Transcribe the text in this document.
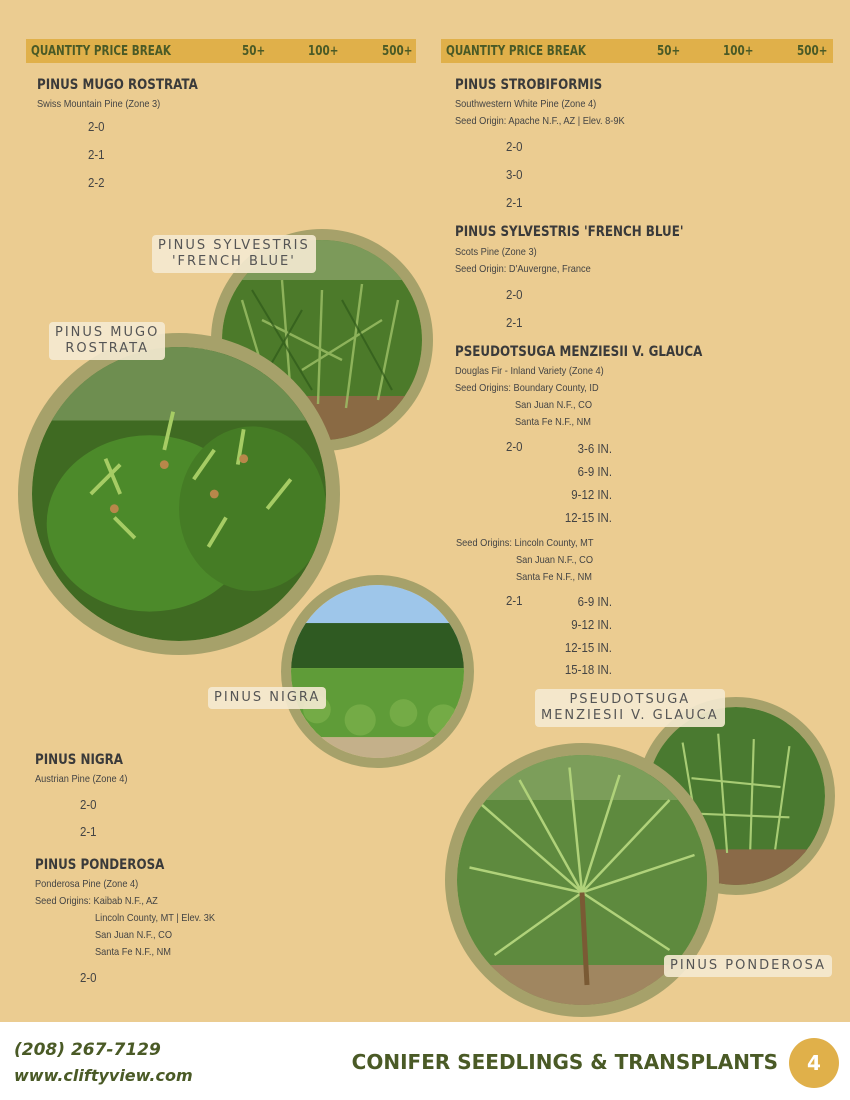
QUANTITY PRICE BREAK	50+	100+	500+	QUANTITY PRICE BREAK	50+	100+	500+
PINUS MUGO ROSTRATA
Swiss Mountain Pine (Zone 3)
2-0
2-1
2-2
PINUS STROBIFORMIS
Southwestern White Pine (Zone 4)
Seed Origin: Apache N.F., AZ | Elev. 8-9K
2-0
3-0
2-1
PINUS SYLVESTRIS 'FRENCH BLUE'
Scots Pine (Zone 3)
Seed Origin: D'Auvergne, France
2-0
2-1
PSEUDOTSUGA MENZIESII V. GLAUCA
Douglas Fir - Inland Variety (Zone 4)
Seed Origins: Boundary County, ID
San Juan N.F., CO
Santa Fe N.F., NM
2-0	3-6 IN.
6-9 IN.
9-12 IN.
12-15 IN.
Seed Origins: Lincoln County, MT
San Juan N.F., CO
Santa Fe N.F., NM
2-1	6-9 IN.
9-12 IN.
12-15 IN.
15-18 IN.
PINUS NIGRA
Austrian Pine (Zone 4)
2-0
2-1
PINUS PONDEROSA
Ponderosa Pine (Zone 4)
Seed Origins: Kaibab N.F., AZ
Lincoln County, MT | Elev. 3K
San Juan N.F., CO
Santa Fe N.F., NM
2-0
PINUS SYLVESTRIS
'FRENCH BLUE'
PINUS MUGO
ROSTRATA
PINUS NIGRA	PSEUDOTSUGA
MENZIESII V. GLAUCA
PINUS PONDEROSA
(208) 267-7129
www.cliftyview.com
CONIFER SEEDLINGS & TRANSPLANTS	4
